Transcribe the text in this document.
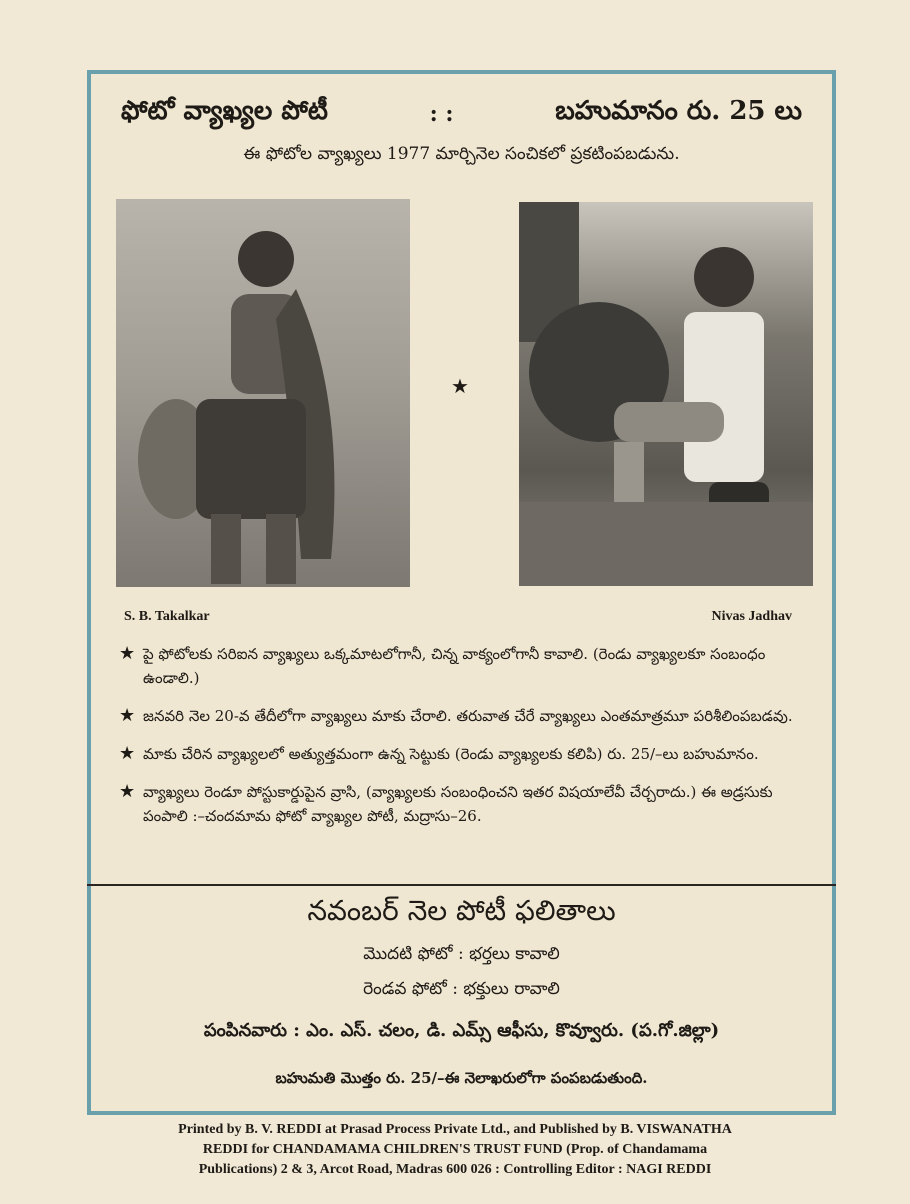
ఫోటో వ్యాఖ్యల పోటీ	: :	బహుమానం రు. 25 లు
ఈ ఫోటోల వ్యాఖ్యలు 1977 మార్చినెల సంచికలో ప్రకటింపబడును.
★
S. B. Takalkar	Nivas Jadhav
★ పై ఫోటోలకు సరిఐన వ్యాఖ్యలు ఒక్కమాటలోగానీ, చిన్న వాక్యంలోగానీ కావాలి. (రెండు వ్యాఖ్యలకూ సంబంధం ఉండాలి.)
★ జనవరి నెల 20-వ తేదీలోగా వ్యాఖ్యలు మాకు చేరాలి. తరువాత చేరే వ్యాఖ్యలు ఎంతమాత్రమూ పరిశీలింపబడవు.
★ మాకు చేరిన వ్యాఖ్యలలో అత్యుత్తమంగా ఉన్న సెట్టుకు (రెండు వ్యాఖ్యలకు కలిపి) రు. 25/–లు బహుమానం.
★ వ్యాఖ్యలు రెండూ పోస్టుకార్డుపైన వ్రాసి, (వ్యాఖ్యలకు సంబంధించని ఇతర విషయాలేవీ చేర్చరాదు.) ఈ అడ్రసుకు పంపాలి :–చందమామ ఫోటో వ్యాఖ్యల పోటీ, మద్రాసు–26.
నవంబర్ నెల పోటీ ఫలితాలు
మొదటి ఫోటో : భర్తలు కావాలి
రెండవ ఫోటో : భక్తులు రావాలి
పంపినవారు : ఎం. ఎస్. చలం, డి. ఎమ్స్ ఆఫీసు, కొవ్వూరు. (ప.గో.జిల్లా)
బహుమతి మొత్తం రు. 25/–ఈ నెలాఖరులోగా పంపబడుతుంది.
Printed by B. V. REDDI at Prasad Process Private Ltd., and Published by B. VISWANATHA
REDDI for CHANDAMAMA CHILDREN'S TRUST FUND (Prop. of Chandamama
Publications) 2 & 3, Arcot Road, Madras 600 026 : Controlling Editor : NAGI REDDI
